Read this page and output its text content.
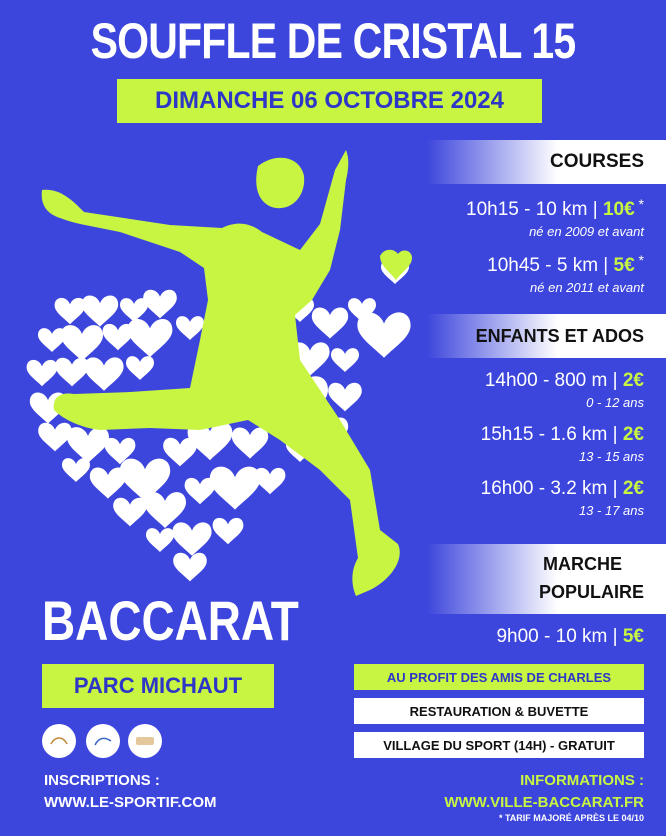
SOUFFLE DE CRISTAL 15
DIMANCHE 06 OCTOBRE 2024
COURSES
10h15 - 10 km | 10€ *
né en 2009 et avant
10h45 - 5 km | 5€ *
né en 2011 et avant
ENFANTS ET ADOS
14h00 - 800 m | 2€
0 - 12 ans
15h15 - 1.6 km | 2€
13 - 15 ans
16h00 - 3.2 km | 2€
13 - 17 ans
MARCHE
POPULAIRE
9h00 - 10 km | 5€
BACCARAT
PARC MICHAUT	AU PROFIT DES AMIS DE CHARLES
RESTAURATION & BUVETTE
VILLAGE DU SPORT (14H) - GRATUIT
INSCRIPTIONS :
WWW.LE-SPORTIF.COM
INFORMATIONS :
WWW.VILLE-BACCARAT.FR
* TARIF MAJORÉ APRÈS LE 04/10
